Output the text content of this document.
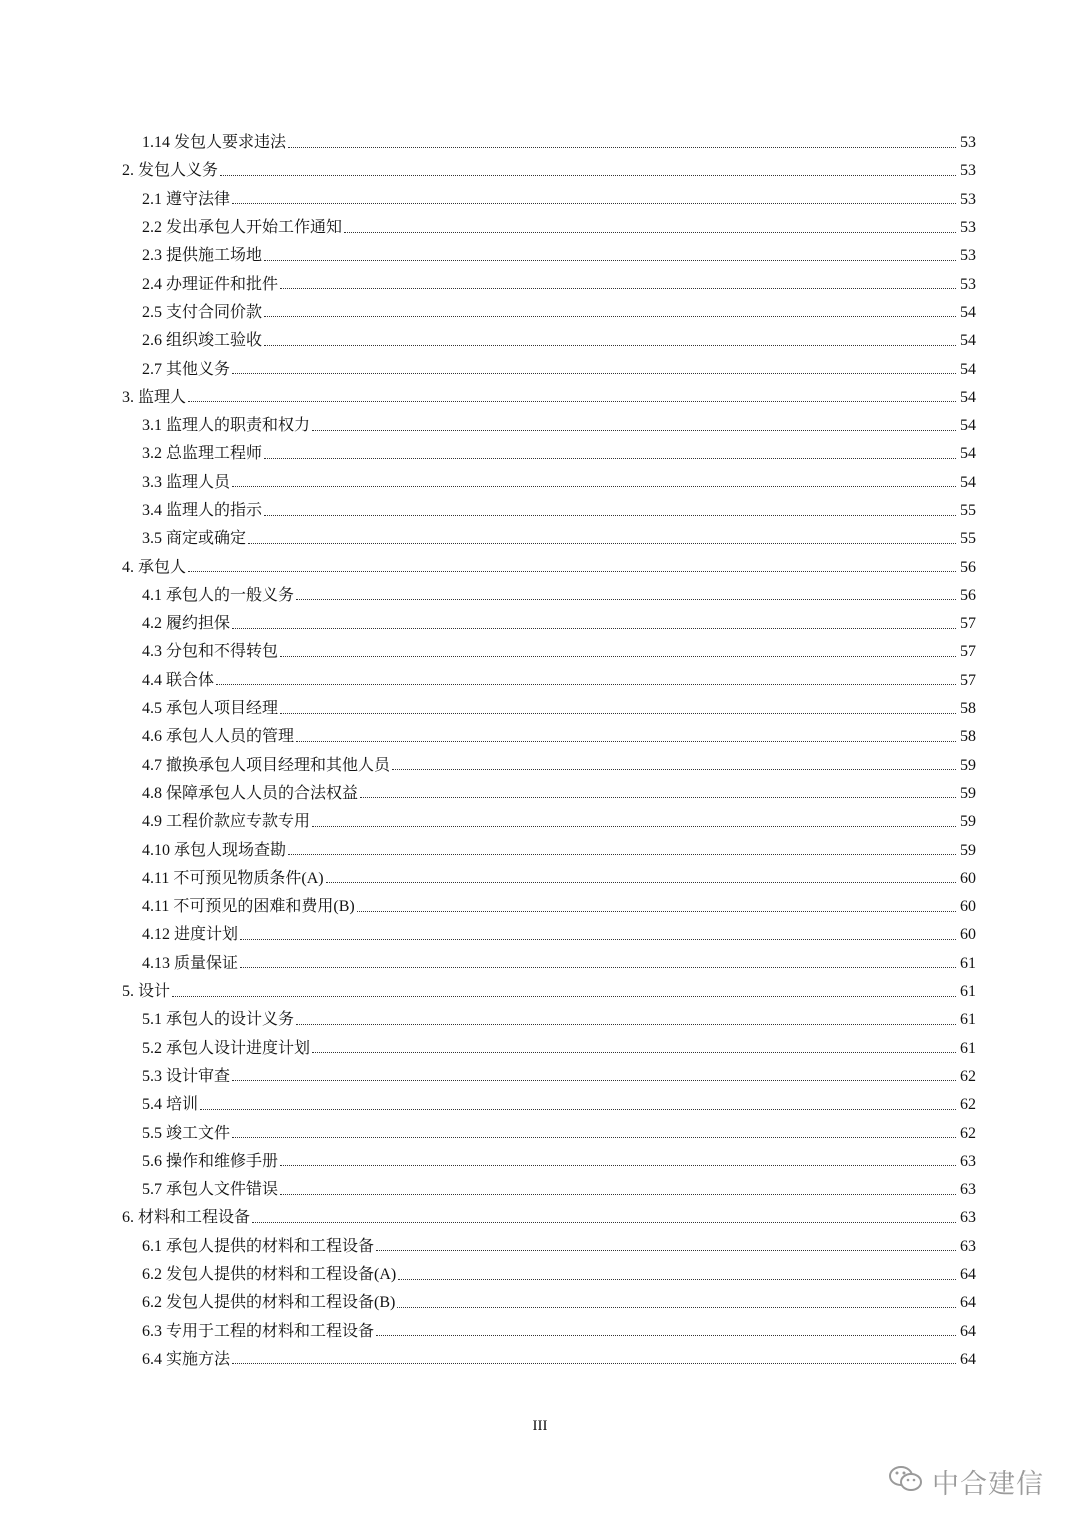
1.14 发包人要求违法	53
2. 发包人义务	53
2.1 遵守法律	53
2.2 发出承包人开始工作通知	53
2.3 提供施工场地	53
2.4 办理证件和批件	53
2.5 支付合同价款	54
2.6 组织竣工验收	54
2.7 其他义务	54
3. 监理人	54
3.1 监理人的职责和权力	54
3.2 总监理工程师	54
3.3 监理人员	54
3.4 监理人的指示	55
3.5 商定或确定	55
4. 承包人	56
4.1 承包人的一般义务	56
4.2 履约担保	57
4.3 分包和不得转包	57
4.4 联合体	57
4.5 承包人项目经理	58
4.6 承包人人员的管理	58
4.7 撤换承包人项目经理和其他人员	59
4.8 保障承包人人员的合法权益	59
4.9 工程价款应专款专用	59
4.10 承包人现场查勘	59
4.11 不可预见物质条件(A)	60
4.11 不可预见的困难和费用(B)	60
4.12 进度计划	60
4.13 质量保证	61
5. 设计	61
5.1 承包人的设计义务	61
5.2 承包人设计进度计划	61
5.3 设计审查	62
5.4 培训	62
5.5 竣工文件	62
5.6 操作和维修手册	63
5.7 承包人文件错误	63
6. 材料和工程设备	63
6.1 承包人提供的材料和工程设备	63
6.2 发包人提供的材料和工程设备(A)	64
6.2 发包人提供的材料和工程设备(B)	64
6.3 专用于工程的材料和工程设备	64
6.4 实施方法	64
III
中合建信
